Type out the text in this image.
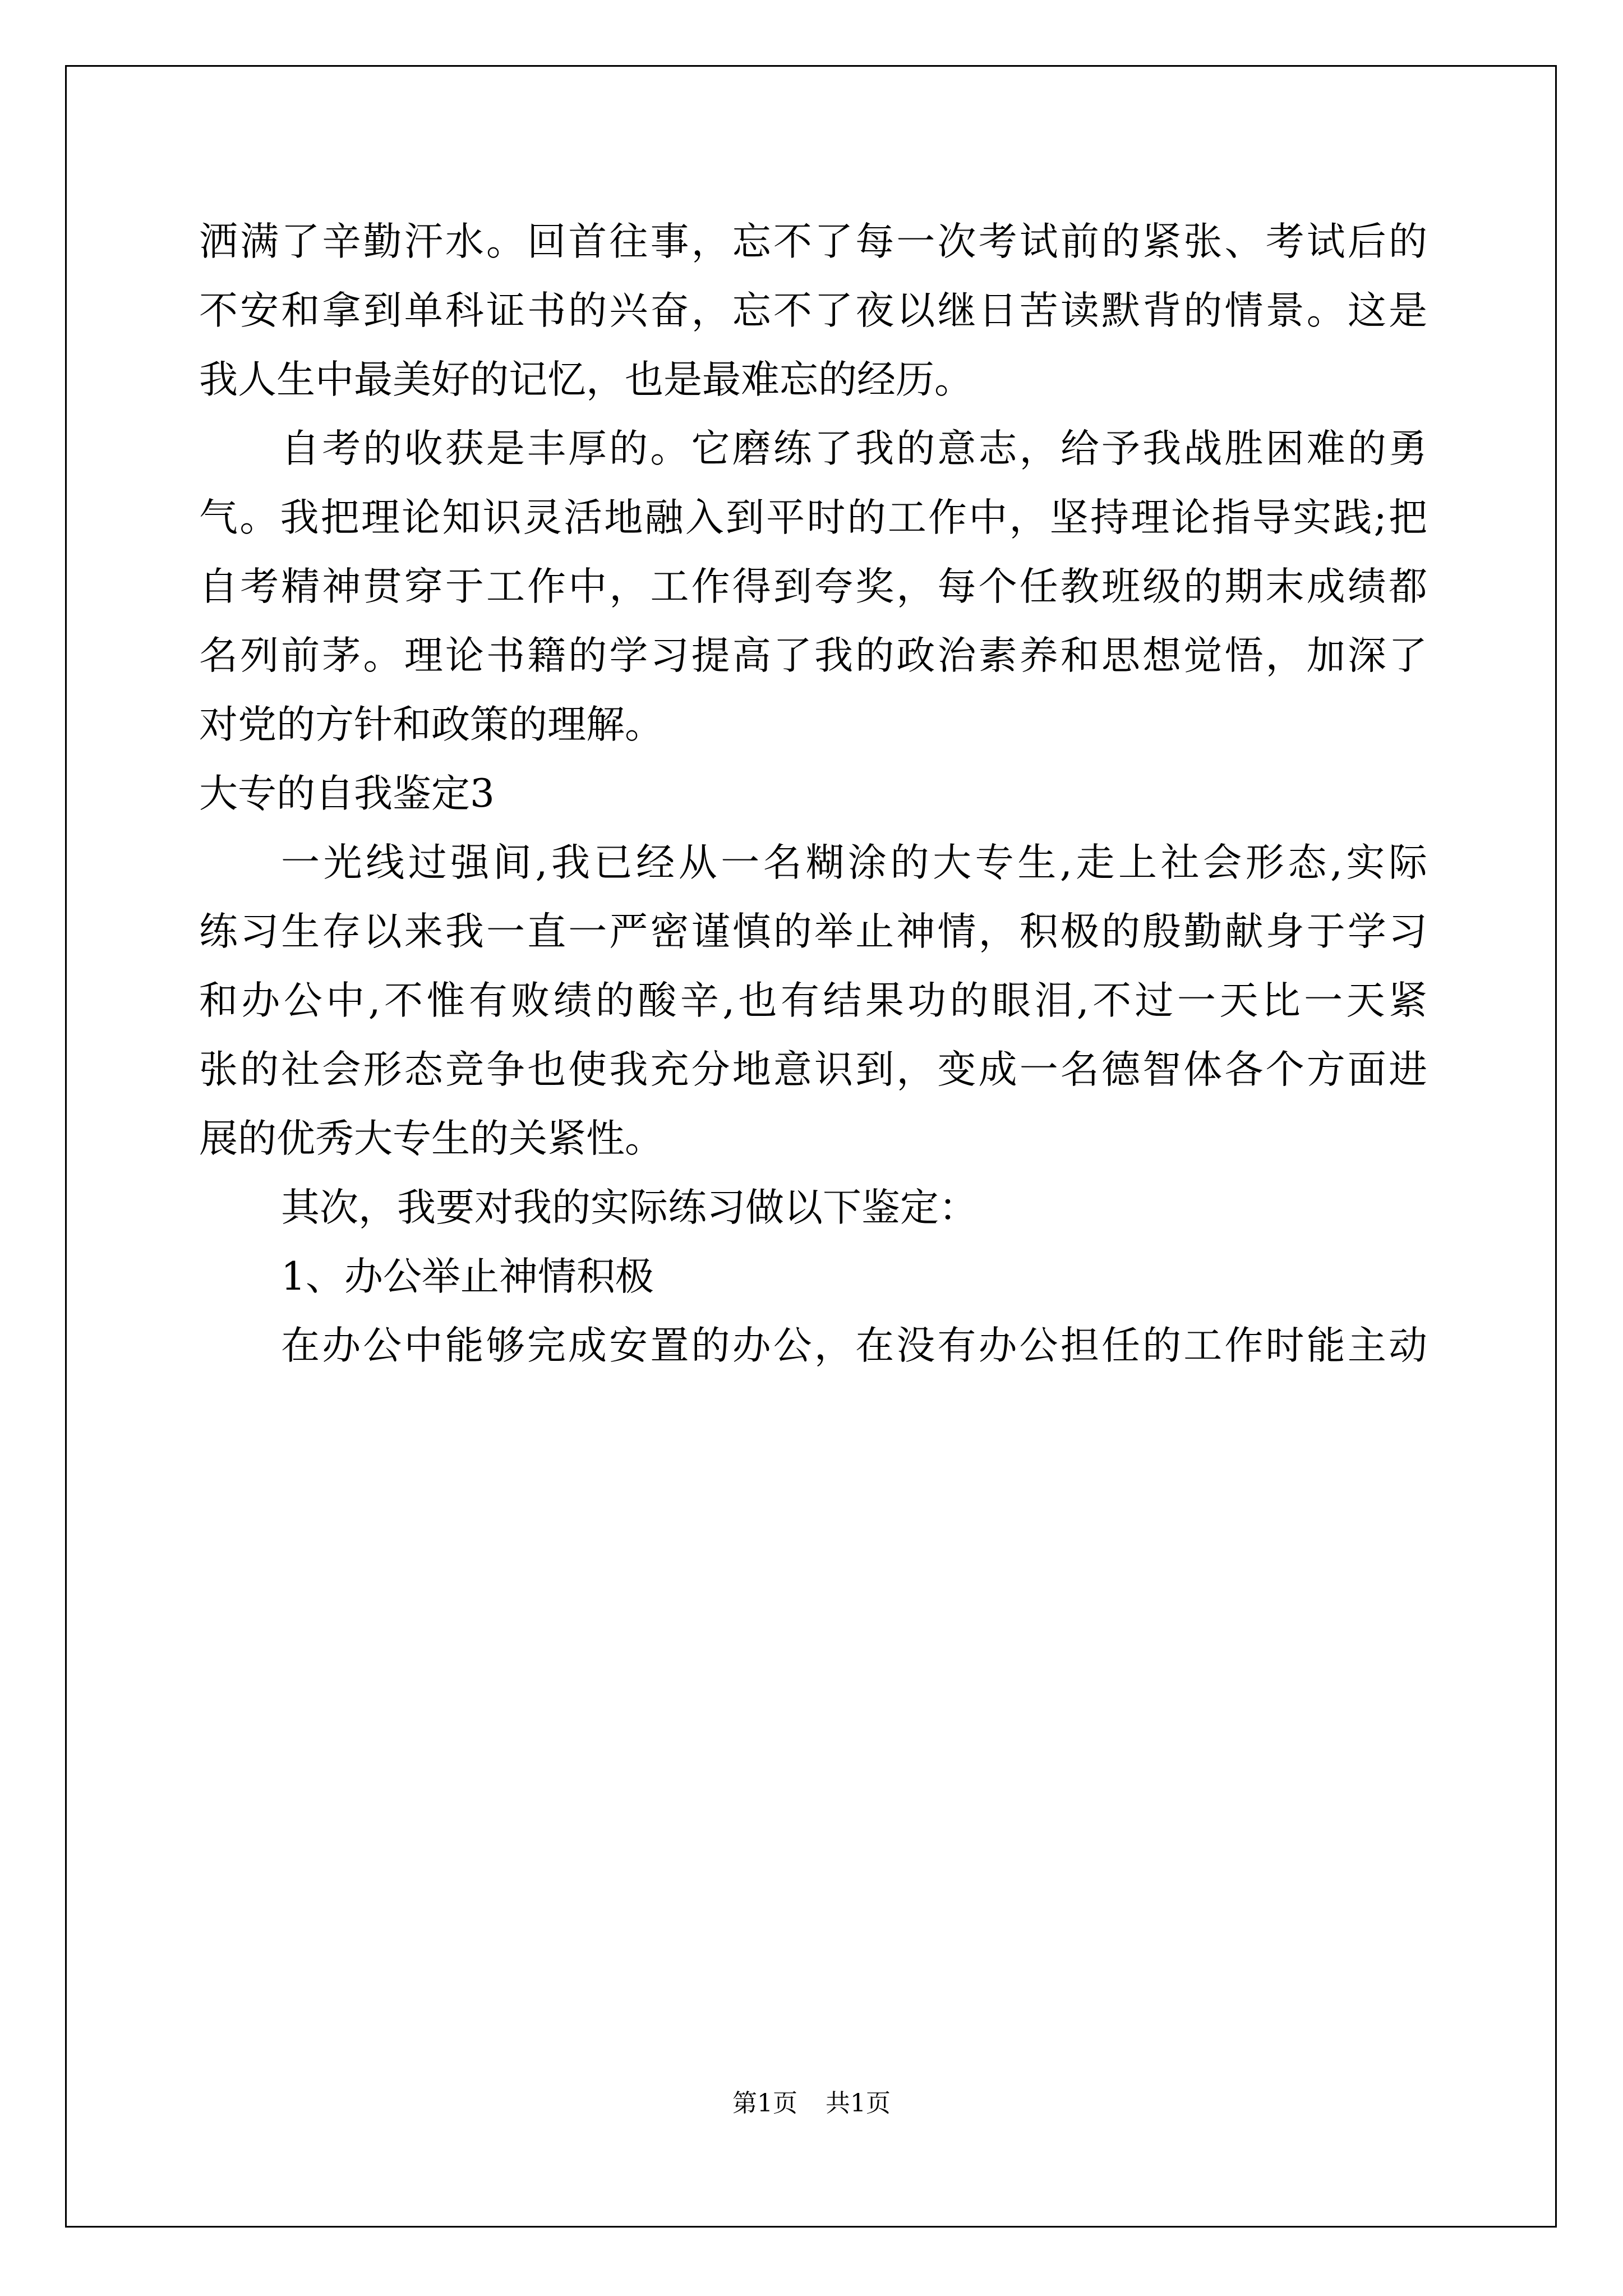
洒满了辛勤汗水。回首往事，忘不了每一次考试前的紧张、考试后的
不安和拿到单科证书的兴奋，忘不了夜以继日苦读默背的情景。这是
我人生中最美好的记忆，也是最难忘的经历。
自考的收获是丰厚的。它磨练了我的意志，给予我战胜困难的勇
气。我把理论知识灵活地融入到平时的工作中，坚持理论指导实践;把
自考精神贯穿于工作中，工作得到夸奖，每个任教班级的期末成绩都
名列前茅。理论书籍的学习提高了我的政治素养和思想觉悟，加深了
对党的方针和政策的理解。
大专的自我鉴定3
一光线过强间,我已经从一名糊涂的大专生,走上社会形态,实际
练习生存以来我一直一严密谨慎的举止神情，积极的殷勤献身于学习
和办公中,不惟有败绩的酸辛,也有结果功的眼泪,不过一天比一天紧
张的社会形态竞争也使我充分地意识到，变成一名德智体各个方面进
展的优秀大专生的关紧性。
其次，我要对我的实际练习做以下鉴定：
1、办公举止神情积极
在办公中能够完成安置的办公，在没有办公担任的工作时能主动
第1页 共1页
